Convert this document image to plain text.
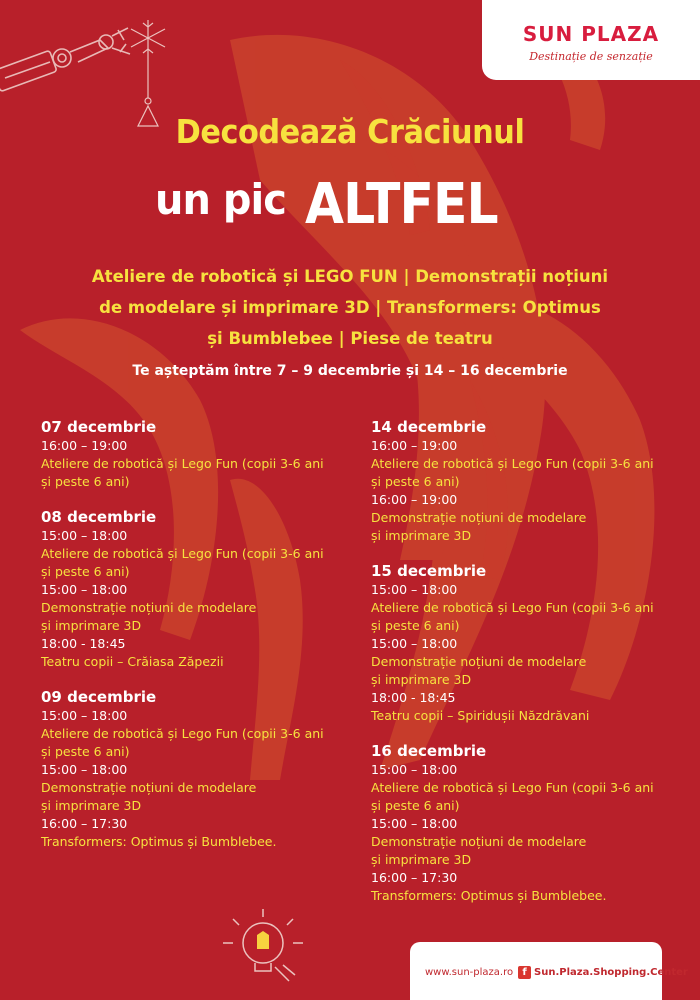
SUN PLAZA
Destinație de senzație
Decodează Crăciunul
un pic ALTFEL
Ateliere de robotică și LEGO FUN | Demonstrații noțiuni
de modelare și imprimare 3D | Transformers: Optimus
și Bumblebee | Piese de teatru
Te așteptăm între 7 – 9 decembrie și 14 – 16 decembrie
07 decembrie
16:00 – 19:00
Ateliere de robotică și Lego Fun (copii 3-6 ani
și peste 6 ani)
08 decembrie
15:00 – 18:00
Ateliere de robotică și Lego Fun (copii 3-6 ani
și peste 6 ani)
15:00 – 18:00
Demonstrație noțiuni de modelare
și imprimare 3D
18:00 - 18:45
Teatru copii – Crăiasa Zăpezii
09 decembrie
15:00 – 18:00
Ateliere de robotică și Lego Fun (copii 3-6 ani
și peste 6 ani)
15:00 – 18:00
Demonstrație noțiuni de modelare
și imprimare 3D
16:00 – 17:30
Transformers: Optimus și Bumblebee.
14 decembrie
16:00 – 19:00
Ateliere de robotică și Lego Fun (copii 3-6 ani
și peste 6 ani)
16:00 – 19:00
Demonstrație noțiuni de modelare
și imprimare 3D
15 decembrie
15:00 – 18:00
Ateliere de robotică și Lego Fun (copii 3-6 ani
și peste 6 ani)
15:00 – 18:00
Demonstrație noțiuni de modelare
și imprimare 3D
18:00 - 18:45
Teatru copii – Spiridușii Năzdrăvani
16 decembrie
15:00 – 18:00
Ateliere de robotică și Lego Fun (copii 3-6 ani
și peste 6 ani)
15:00 – 18:00
Demonstrație noțiuni de modelare
și imprimare 3D
16:00 – 17:30
Transformers: Optimus și Bumblebee.
www.sun-plaza.ro f Sun.Plaza.Shopping.Center
